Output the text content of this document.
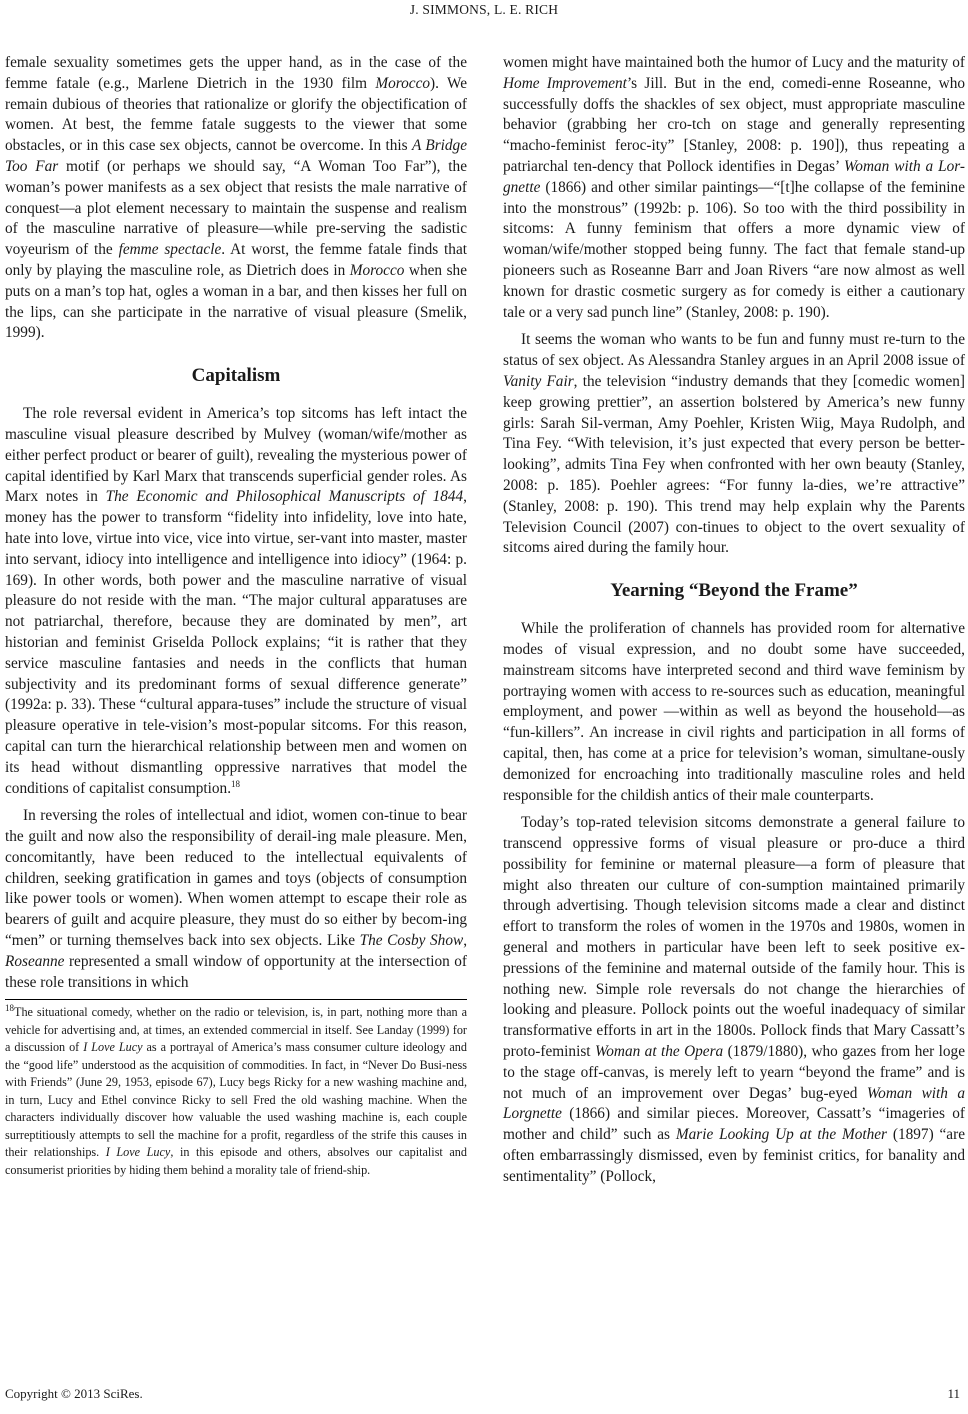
J. SIMMONS, L. E. RICH

female sexuality sometimes gets the upper hand, as in the case of the femme fatale (e.g., Marlene Dietrich in the 1930 film Morocco). We remain dubious of theories that rationalize or glorify the objectification of women. At best, the femme fatale suggests to the viewer that some obstacles, or in this case sex objects, cannot be overcome. In this A Bridge Too Far motif (or perhaps we should say, “A Woman Too Far”), the woman’s power manifests as a sex object that resists the male narrative of conquest—a plot element necessary to maintain the suspense and realism of the masculine narrative of pleasure—while pre-serving the sadistic voyeurism of the femme spectacle. At worst, the femme fatale finds that only by playing the masculine role, as Dietrich does in Morocco when she puts on a man’s top hat, ogles a woman in a bar, and then kisses her full on the lips, can she participate in the narrative of visual pleasure (Smelik, 1999).

Capitalism

The role reversal evident in America’s top sitcoms has left intact the masculine visual pleasure described by Mulvey (woman/wife/mother as either perfect product or bearer of guilt), revealing the mysterious power of capital identified by Karl Marx that transcends superficial gender roles. As Marx notes in The Economic and Philosophical Manuscripts of 1844, money has the power to transform “fidelity into infidelity, love into hate, hate into love, virtue into vice, vice into virtue, ser-vant into master, master into servant, idiocy into intelligence and intelligence into idiocy” (1964: p. 169). In other words, both power and the masculine narrative of visual pleasure do not reside with the man. “The major cultural apparatuses are not patriarchal, therefore, because they are dominated by men”, art historian and feminist Griselda Pollock explains; “it is rather that they service masculine fantasies and needs in the conflicts that human subjectivity and its predominant forms of sexual difference generate” (1992a: p. 33). These “cultural appara-tuses” include the structure of visual pleasure operative in tele-vision’s most-popular sitcoms. For this reason, capital can turn the hierarchical relationship between men and women on its head without dismantling oppressive narratives that model the conditions of capitalist consumption.$^{18}$

In reversing the roles of intellectual and idiot, women con-tinue to bear the guilt and now also the responsibility of derail-ing male pleasure. Men, concomitantly, have been reduced to the intellectual equivalents of children, seeking gratification in games and toys (objects of consumption like power tools or women). When women attempt to escape their role as bearers of guilt and acquire pleasure, they must do so either by becom-ing “men” or turning themselves back into sex objects. Like The Cosby Show, Roseanne represented a small window of opportunity at the intersection of these role transitions in which

$^{18}$The situational comedy, whether on the radio or television, is, in part, nothing more than a vehicle for advertising and, at times, an extended commercial in itself. See Landay (1999) for a discussion of I Love Lucy as a portrayal of America’s mass consumer culture ideology and the “good life” understood as the acquisition of commodities. In fact, in “Never Do Busi-ness with Friends” (June 29, 1953, episode 67), Lucy begs Ricky for a new washing machine and, in turn, Lucy and Ethel convince Ricky to sell Fred the old washing machine. When the characters individually discover how valuable the used washing machine is, each couple surreptitiously attempts to sell the machine for a profit, regardless of the strife this causes in their relationships. I Love Lucy, in this episode and others, absolves our capitalist and consumerist priorities by hiding them behind a morality tale of friend-ship.

women might have maintained both the humor of Lucy and the maturity of Home Improvement’s Jill. But in the end, comedi-enne Roseanne, who successfully doffs the shackles of sex object, must appropriate masculine behavior (grabbing her cro-tch on stage and generally representing “macho-feminist feroc-ity” [Stanley, 2008: p. 190]), thus repeating a patriarchal ten-dency that Pollock identifies in Degas’ Woman with a Lor-gnette (1866) and other similar paintings—“[t]he collapse of the feminine into the monstrous” (1992b: p. 106). So too with the third possibility in sitcoms: A funny feminism that offers a more dynamic view of woman/wife/mother stopped being funny. The fact that female stand-up pioneers such as Roseanne Barr and Joan Rivers “are now almost as well known for drastic cosmetic surgery as for comedy is either a cautionary tale or a very sad punch line” (Stanley, 2008: p. 190).

It seems the woman who wants to be fun and funny must re-turn to the status of sex object. As Alessandra Stanley argues in an April 2008 issue of Vanity Fair, the television “industry demands that they [comedic women] keep growing prettier”, an assertion bolstered by America’s new funny girls: Sarah Sil-verman, Amy Poehler, Kristen Wiig, Maya Rudolph, and Tina Fey. “With television, it’s just expected that every person be better-looking”, admits Tina Fey when confronted with her own beauty (Stanley, 2008: p. 185). Poehler agrees: “For funny la-dies, we’re attractive” (Stanley, 2008: p. 190). This trend may help explain why the Parents Television Council (2007) con-tinues to object to the overt sexuality of sitcoms aired during the family hour.

Yearning “Beyond the Frame”

While the proliferation of channels has provided room for alternative modes of visual expression, and no doubt some have succeeded, mainstream sitcoms have interpreted second and third wave feminism by portraying women with access to re-sources such as education, meaningful employment, and power —within as well as beyond the household—as “fun-killers”. An increase in civil rights and participation in all forms of capital, then, has come at a price for television’s woman, simultane-ously demonized for encroaching into traditionally masculine roles and held responsible for the childish antics of their male counterparts.

Today’s top-rated television sitcoms demonstrate a general failure to transcend oppressive forms of visual pleasure or pro-duce a third possibility for feminine or maternal pleasure—a form of pleasure that might also threaten our culture of con-sumption maintained primarily through advertising. Though television sitcoms made a clear and distinct effort to transform the roles of women in the 1970s and 1980s, women in general and mothers in particular have been left to seek positive ex-pressions of the feminine and maternal outside of the family hour. This is nothing new. Simple role reversals do not change the hierarchies of looking and pleasure. Pollock points out the woeful inadequacy of similar transformative efforts in art in the 1800s. Pollock finds that Mary Cassatt’s proto-feminist Woman at the Opera (1879/1880), who gazes from her loge to the stage off-canvas, is merely left to yearn “beyond the frame” and is not much of an improvement over Degas’ bug-eyed Woman with a Lorgnette (1866) and similar pieces. Moreover, Cassatt’s “imageries of mother and child” such as Marie Looking Up at the Mother (1897) “are often embarrassingly dismissed, even by feminist critics, for banality and sentimentality” (Pollock,

Copyright © 2013 SciRes.	11
